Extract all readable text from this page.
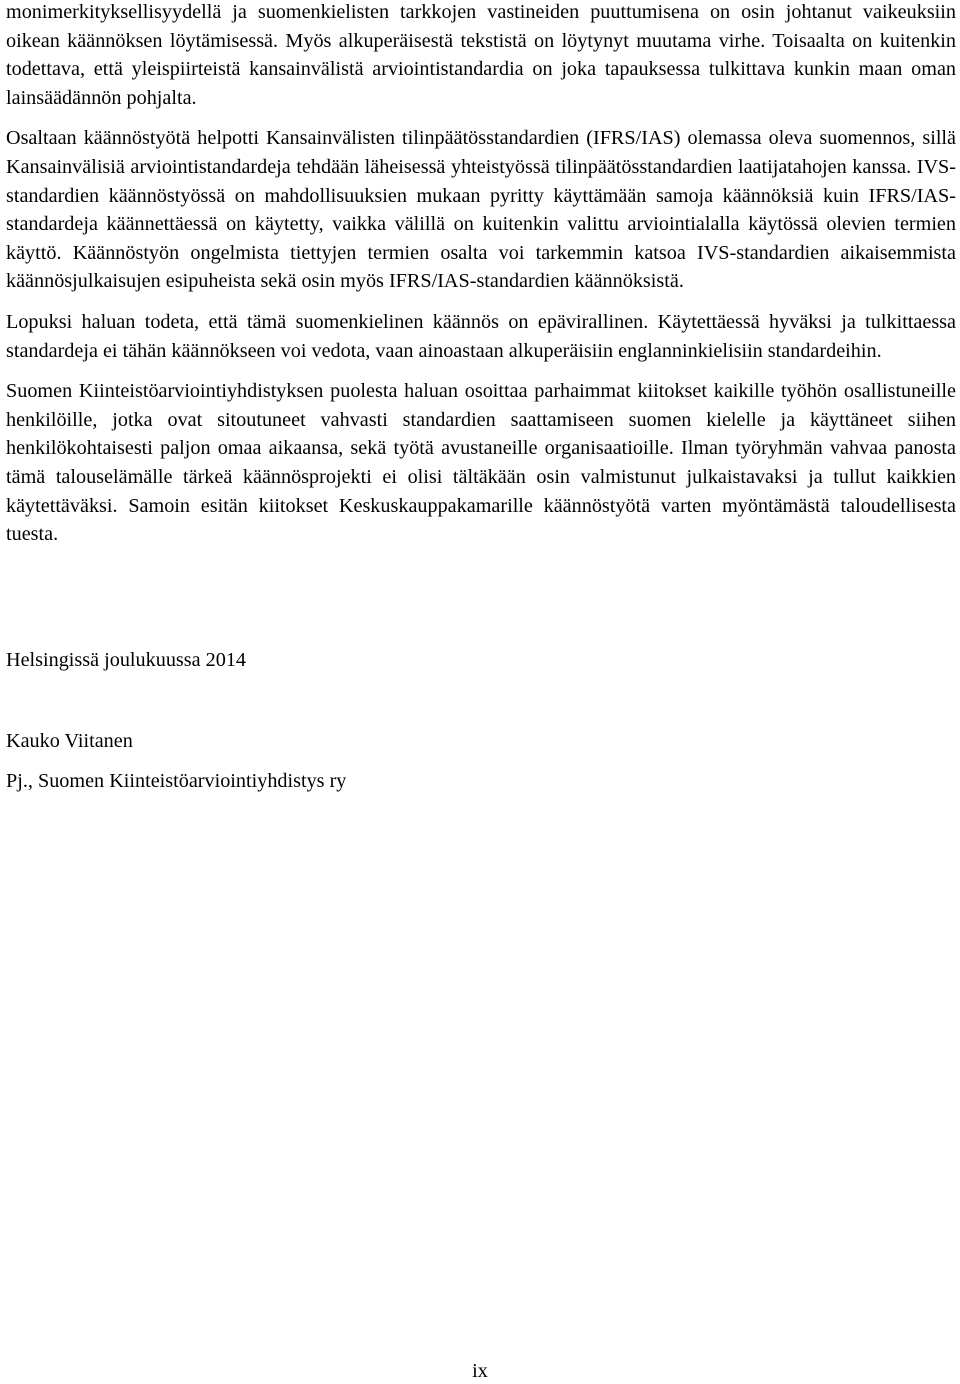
monimerkityksellisyydellä ja suomenkielisten tarkkojen vastineiden puuttumisena on osin johtanut vaikeuksiin oikean käännöksen löytämisessä. Myös alkuperäisestä tekstistä on löytynyt muutama virhe. Toisaalta on kuitenkin todettava, että yleispiirteistä kansainvälistä arviointistandardia on joka tapauksessa tulkittava kunkin maan oman lainsäädännön pohjalta.

Osaltaan käännöstyötä helpotti Kansainvälisten tilinpäätösstandardien (IFRS/IAS) olemassa oleva suomennos, sillä Kansainvälisiä arviointistandardeja tehdään läheisessä yhteistyössä tilinpäätösstandardien laatijatahojen kanssa. IVS-standardien käännöstyössä on mahdollisuuksien mukaan pyritty käyttämään samoja käännöksiä kuin IFRS/IAS-standardeja käännettäessä on käytetty, vaikka välillä on kuitenkin valittu arviointialalla käytössä olevien termien käyttö. Käännöstyön ongelmista tiettyjen termien osalta voi tarkemmin katsoa IVS-standardien aikaisemmista käännösjulkaisujen esipuheista sekä osin myös IFRS/IAS-standardien käännöksistä.

Lopuksi haluan todeta, että tämä suomenkielinen käännös on epävirallinen. Käytettäessä hyväksi ja tulkittaessa standardeja ei tähän käännökseen voi vedota, vaan ainoastaan alkuperäisiin englanninkielisiin standardeihin.

Suomen Kiinteistöarviointiyhdistyksen puolesta haluan osoittaa parhaimmat kiitokset kaikille työhön osallistuneille henkilöille, jotka ovat sitoutuneet vahvasti standardien saattamiseen suomen kielelle ja käyttäneet siihen henkilökohtaisesti paljon omaa aikaansa, sekä työtä avustaneille organisaatioille. Ilman työryhmän vahvaa panosta tämä talouselämälle tärkeä käännösprojekti ei olisi tältäkään osin valmistunut julkaistavaksi ja tullut kaikkien käytettäväksi. Samoin esitän kiitokset Keskuskauppakamarille käännöstyötä varten myöntämästä taloudellisesta tuesta.

Helsingissä joulukuussa 2014

Kauko Viitanen

Pj., Suomen Kiinteistöarviointiyhdistys ry

ix
